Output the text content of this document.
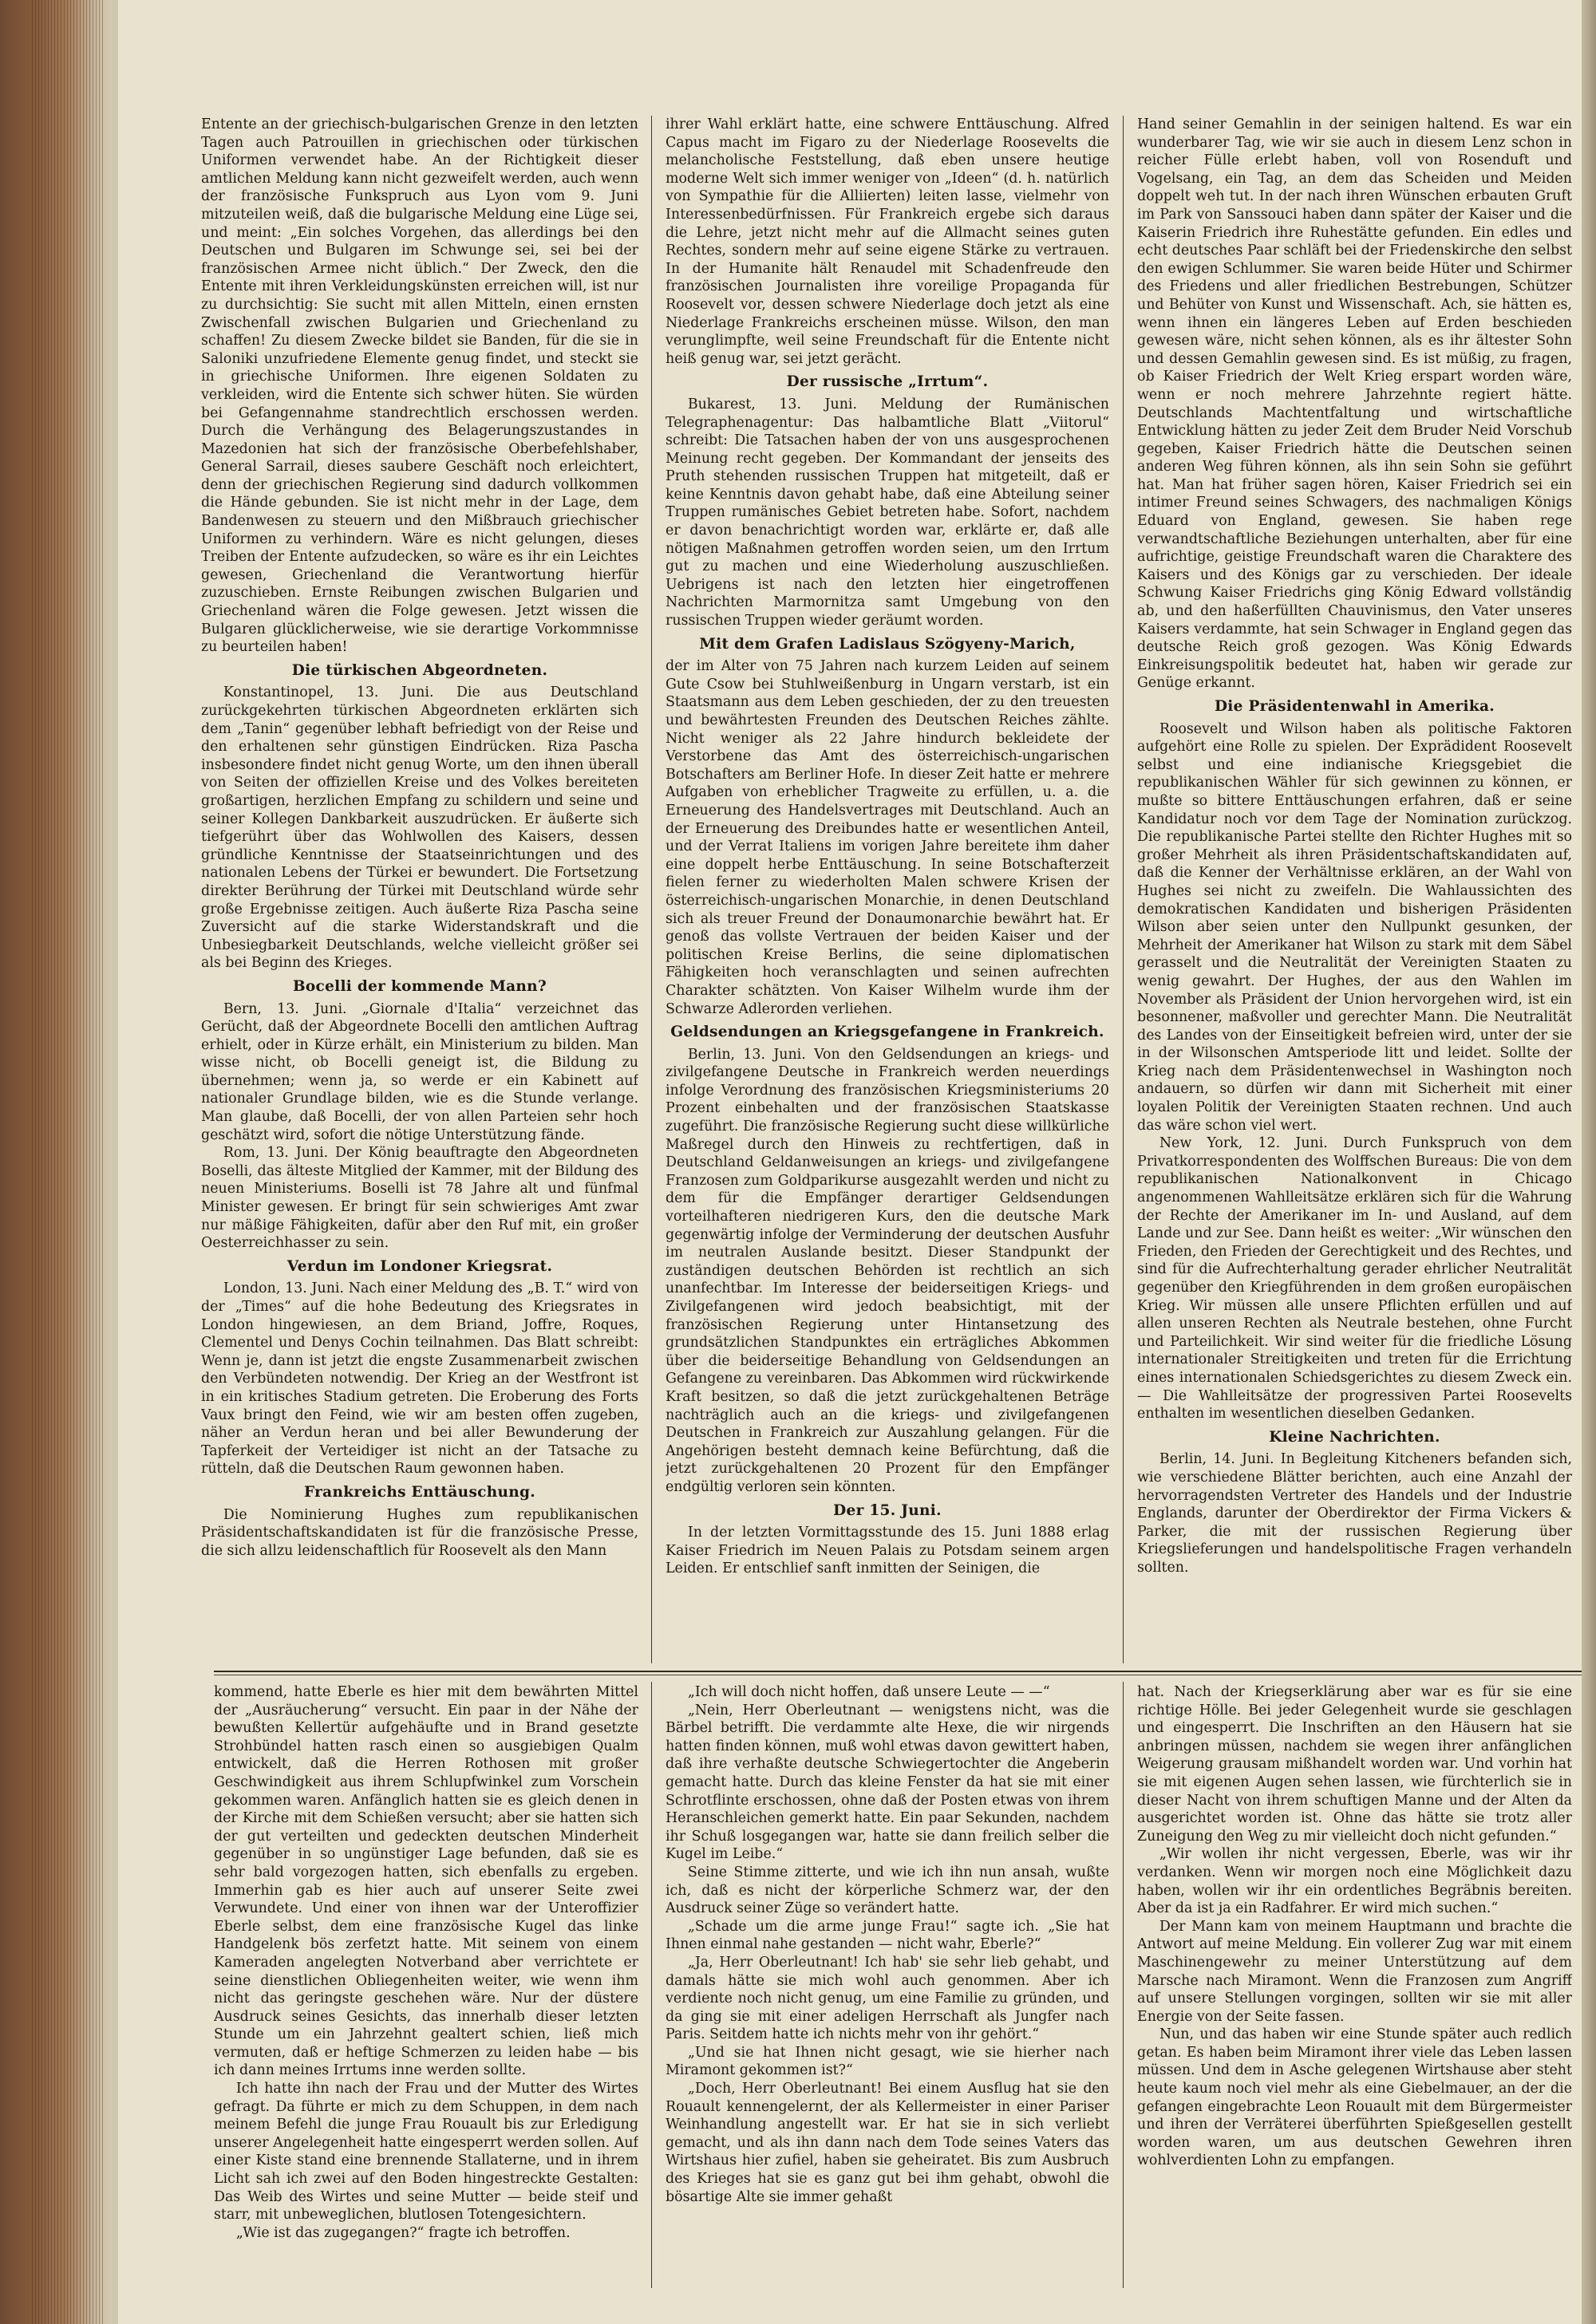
Entente an der griechisch-bulgarischen Grenze in den letzten Tagen auch Patrouillen in griechischen oder türkischen Uniformen verwendet habe. An der Richtigkeit dieser amtlichen Meldung kann nicht gezweifelt werden, auch wenn der französische Funkspruch aus Lyon vom 9. Juni mitzuteilen weiß, daß die bulgarische Meldung eine Lüge sei, und meint: „Ein solches Vorgehen, das allerdings bei den Deutschen und Bulgaren im Schwunge sei, sei bei der französischen Armee nicht üblich.“ Der Zweck, den die Entente mit ihren Verkleidungskünsten erreichen will, ist nur zu durchsichtig: Sie sucht mit allen Mitteln, einen ernsten Zwischenfall zwischen Bulgarien und Griechenland zu schaffen! Zu diesem Zwecke bildet sie Banden, für die sie in Saloniki unzufriedene Elemente genug findet, und steckt sie in griechische Uniformen. Ihre eigenen Soldaten zu verkleiden, wird die Entente sich schwer hüten. Sie würden bei Gefangennahme standrechtlich erschossen werden. Durch die Verhängung des Belagerungszustandes in Mazedonien hat sich der französische Oberbefehlshaber, General Sarrail, dieses saubere Geschäft noch erleichtert, denn der griechischen Regierung sind dadurch vollkommen die Hände gebunden. Sie ist nicht mehr in der Lage, dem Bandenwesen zu steuern und den Mißbrauch griechischer Uniformen zu verhindern. Wäre es nicht gelungen, dieses Treiben der Entente aufzudecken, so wäre es ihr ein Leichtes gewesen, Griechenland die Verantwortung hierfür zuzuschieben. Ernste Reibungen zwischen Bulgarien und Griechenland wären die Folge gewesen. Jetzt wissen die Bulgaren glücklicherweise, wie sie derartige Vorkommnisse zu beurteilen haben!

Die türkischen Abgeordneten.

Konstantinopel, 13. Juni. Die aus Deutschland zurückgekehrten türkischen Abgeordneten erklärten sich dem „Tanin“ gegenüber lebhaft befriedigt von der Reise und den erhaltenen sehr günstigen Eindrücken. Riza Pascha insbesondere findet nicht genug Worte, um den ihnen überall von Seiten der offiziellen Kreise und des Volkes bereiteten großartigen, herzlichen Empfang zu schildern und seine und seiner Kollegen Dankbarkeit auszudrücken. Er äußerte sich tiefgerührt über das Wohlwollen des Kaisers, dessen gründliche Kenntnisse der Staatseinrichtungen und des nationalen Lebens der Türkei er bewundert. Die Fortsetzung direkter Berührung der Türkei mit Deutschland würde sehr große Ergebnisse zeitigen. Auch äußerte Riza Pascha seine Zuversicht auf die starke Widerstandskraft und die Unbesiegbarkeit Deutschlands, welche vielleicht größer sei als bei Beginn des Krieges.

Bocelli der kommende Mann?

Bern, 13. Juni. „Giornale d'Italia“ verzeichnet das Gerücht, daß der Abgeordnete Bocelli den amtlichen Auftrag erhielt, oder in Kürze erhält, ein Ministerium zu bilden. Man wisse nicht, ob Bocelli geneigt ist, die Bildung zu übernehmen; wenn ja, so werde er ein Kabinett auf nationaler Grundlage bilden, wie es die Stunde verlange. Man glaube, daß Bocelli, der von allen Parteien sehr hoch geschätzt wird, sofort die nötige Unterstützung fände.

Rom, 13. Juni. Der König beauftragte den Abgeordneten Boselli, das älteste Mitglied der Kammer, mit der Bildung des neuen Ministeriums. Boselli ist 78 Jahre alt und fünfmal Minister gewesen. Er bringt für sein schwieriges Amt zwar nur mäßige Fähigkeiten, dafür aber den Ruf mit, ein großer Oesterreichhasser zu sein.

Verdun im Londoner Kriegsrat.

London, 13. Juni. Nach einer Meldung des „B. T.“ wird von der „Times“ auf die hohe Bedeutung des Kriegsrates in London hingewiesen, an dem Briand, Joffre, Roques, Clementel und Denys Cochin teilnahmen. Das Blatt schreibt: Wenn je, dann ist jetzt die engste Zusammenarbeit zwischen den Verbündeten notwendig. Der Krieg an der Westfront ist in ein kritisches Stadium getreten. Die Eroberung des Forts Vaux bringt den Feind, wie wir am besten offen zugeben, näher an Verdun heran und bei aller Bewunderung der Tapferkeit der Verteidiger ist nicht an der Tatsache zu rütteln, daß die Deutschen Raum gewonnen haben.

Frankreichs Enttäuschung.

Die Nominierung Hughes zum republikanischen Präsidentschaftskandidaten ist für die französische Presse, die sich allzu leidenschaftlich für Roosevelt als den Mann

ihrer Wahl erklärt hatte, eine schwere Enttäuschung. Alfred Capus macht im Figaro zu der Niederlage Roosevelts die melancholische Feststellung, daß eben unsere heutige moderne Welt sich immer weniger von „Ideen“ (d. h. natürlich von Sympathie für die Alliierten) leiten lasse, vielmehr von Interessenbedürfnissen. Für Frankreich ergebe sich daraus die Lehre, jetzt nicht mehr auf die Allmacht seines guten Rechtes, sondern mehr auf seine eigene Stärke zu vertrauen. In der Humanite hält Renaudel mit Schadenfreude den französischen Journalisten ihre voreilige Propaganda für Roosevelt vor, dessen schwere Niederlage doch jetzt als eine Niederlage Frankreichs erscheinen müsse. Wilson, den man verunglimpfte, weil seine Freundschaft für die Entente nicht heiß genug war, sei jetzt gerächt.

Der russische „Irrtum“.

Bukarest, 13. Juni. Meldung der Rumänischen Telegraphenagentur: Das halbamtliche Blatt „Viitorul“ schreibt: Die Tatsachen haben der von uns ausgesprochenen Meinung recht gegeben. Der Kommandant der jenseits des Pruth stehenden russischen Truppen hat mitgeteilt, daß er keine Kenntnis davon gehabt habe, daß eine Abteilung seiner Truppen rumänisches Gebiet betreten habe. Sofort, nachdem er davon benachrichtigt worden war, erklärte er, daß alle nötigen Maßnahmen getroffen worden seien, um den Irrtum gut zu machen und eine Wiederholung auszuschließen. Uebrigens ist nach den letzten hier eingetroffenen Nachrichten Marmornitza samt Umgebung von den russischen Truppen wieder geräumt worden.

Mit dem Grafen Ladislaus Szögyeny-Marich,

der im Alter von 75 Jahren nach kurzem Leiden auf seinem Gute Csow bei Stuhlweißenburg in Ungarn verstarb, ist ein Staatsmann aus dem Leben geschieden, der zu den treuesten und bewährtesten Freunden des Deutschen Reiches zählte. Nicht weniger als 22 Jahre hindurch bekleidete der Verstorbene das Amt des österreichisch-ungarischen Botschafters am Berliner Hofe. In dieser Zeit hatte er mehrere Aufgaben von erheblicher Tragweite zu erfüllen, u. a. die Erneuerung des Handelsvertrages mit Deutschland. Auch an der Erneuerung des Dreibundes hatte er wesentlichen Anteil, und der Verrat Italiens im vorigen Jahre bereitete ihm daher eine doppelt herbe Enttäuschung. In seine Botschafterzeit fielen ferner zu wiederholten Malen schwere Krisen der österreichisch-ungarischen Monarchie, in denen Deutschland sich als treuer Freund der Donaumonarchie bewährt hat. Er genoß das vollste Vertrauen der beiden Kaiser und der politischen Kreise Berlins, die seine diplomatischen Fähigkeiten hoch veranschlagten und seinen aufrechten Charakter schätzten. Von Kaiser Wilhelm wurde ihm der Schwarze Adlerorden verliehen.

Geldsendungen an Kriegsgefangene in Frankreich.

Berlin, 13. Juni. Von den Geldsendungen an kriegs- und zivilgefangene Deutsche in Frankreich werden neuerdings infolge Verordnung des französischen Kriegsministeriums 20 Prozent einbehalten und der französischen Staatskasse zugeführt. Die französische Regierung sucht diese willkürliche Maßregel durch den Hinweis zu rechtfertigen, daß in Deutschland Geldanweisungen an kriegs- und zivilgefangene Franzosen zum Goldparikurse ausgezahlt werden und nicht zu dem für die Empfänger derartiger Geldsendungen vorteilhafteren niedrigeren Kurs, den die deutsche Mark gegenwärtig infolge der Verminderung der deutschen Ausfuhr im neutralen Auslande besitzt. Dieser Standpunkt der zuständigen deutschen Behörden ist rechtlich an sich unanfechtbar. Im Interesse der beiderseitigen Kriegs- und Zivilgefangenen wird jedoch beabsichtigt, mit der französischen Regierung unter Hintansetzung des grundsätzlichen Standpunktes ein erträgliches Abkommen über die beiderseitige Behandlung von Geldsendungen an Gefangene zu vereinbaren. Das Abkommen wird rückwirkende Kraft besitzen, so daß die jetzt zurückgehaltenen Beträge nachträglich auch an die kriegs- und zivilgefangenen Deutschen in Frankreich zur Auszahlung gelangen. Für die Angehörigen besteht demnach keine Befürchtung, daß die jetzt zurückgehaltenen 20 Prozent für den Empfänger endgültig verloren sein könnten.

Der 15. Juni.

In der letzten Vormittagsstunde des 15. Juni 1888 erlag Kaiser Friedrich im Neuen Palais zu Potsdam seinem argen Leiden. Er entschlief sanft inmitten der Seinigen, die

Hand seiner Gemahlin in der seinigen haltend. Es war ein wunderbarer Tag, wie wir sie auch in diesem Lenz schon in reicher Fülle erlebt haben, voll von Rosenduft und Vogelsang, ein Tag, an dem das Scheiden und Meiden doppelt weh tut. In der nach ihren Wünschen erbauten Gruft im Park von Sanssouci haben dann später der Kaiser und die Kaiserin Friedrich ihre Ruhestätte gefunden. Ein edles und echt deutsches Paar schläft bei der Friedenskirche den selbst den ewigen Schlummer. Sie waren beide Hüter und Schirmer des Friedens und aller friedlichen Bestrebungen, Schützer und Behüter von Kunst und Wissenschaft. Ach, sie hätten es, wenn ihnen ein längeres Leben auf Erden beschieden gewesen wäre, nicht sehen können, als es ihr ältester Sohn und dessen Gemahlin gewesen sind. Es ist müßig, zu fragen, ob Kaiser Friedrich der Welt Krieg erspart worden wäre, wenn er noch mehrere Jahrzehnte regiert hätte. Deutschlands Machtentfaltung und wirtschaftliche Entwicklung hätten zu jeder Zeit dem Bruder Neid Vorschub gegeben, Kaiser Friedrich hätte die Deutschen seinen anderen Weg führen können, als ihn sein Sohn sie geführt hat. Man hat früher sagen hören, Kaiser Friedrich sei ein intimer Freund seines Schwagers, des nachmaligen Königs Eduard von England, gewesen. Sie haben rege verwandtschaftliche Beziehungen unterhalten, aber für eine aufrichtige, geistige Freundschaft waren die Charaktere des Kaisers und des Königs gar zu verschieden. Der ideale Schwung Kaiser Friedrichs ging König Edward vollständig ab, und den haßerfüllten Chauvinismus, den Vater unseres Kaisers verdammte, hat sein Schwager in England gegen das deutsche Reich groß gezogen. Was König Edwards Einkreisungspolitik bedeutet hat, haben wir gerade zur Genüge erkannt.

Die Präsidentenwahl in Amerika.

Roosevelt und Wilson haben als politische Faktoren aufgehört eine Rolle zu spielen. Der Exprädident Roosevelt selbst und eine indianische Kriegsgebiet die republikanischen Wähler für sich gewinnen zu können, er mußte so bittere Enttäuschungen erfahren, daß er seine Kandidatur noch vor dem Tage der Nomination zurückzog. Die republikanische Partei stellte den Richter Hughes mit so großer Mehrheit als ihren Präsidentschaftskandidaten auf, daß die Kenner der Verhältnisse erklären, an der Wahl von Hughes sei nicht zu zweifeln. Die Wahlaussichten des demokratischen Kandidaten und bisherigen Präsidenten Wilson aber seien unter den Nullpunkt gesunken, der Mehrheit der Amerikaner hat Wilson zu stark mit dem Säbel gerasselt und die Neutralität der Vereinigten Staaten zu wenig gewahrt. Der Hughes, der aus den Wahlen im November als Präsident der Union hervorgehen wird, ist ein besonnener, maßvoller und gerechter Mann. Die Neutralität des Landes von der Einseitigkeit befreien wird, unter der sie in der Wilsonschen Amtsperiode litt und leidet. Sollte der Krieg nach dem Präsidentenwechsel in Washington noch andauern, so dürfen wir dann mit Sicherheit mit einer loyalen Politik der Vereinigten Staaten rechnen. Und auch das wäre schon viel wert.

New York, 12. Juni. Durch Funkspruch von dem Privatkorrespondenten des Wolffschen Bureaus: Die von dem republikanischen Nationalkonvent in Chicago angenommenen Wahlleitsätze erklären sich für die Wahrung der Rechte der Amerikaner im In- und Ausland, auf dem Lande und zur See. Dann heißt es weiter: „Wir wünschen den Frieden, den Frieden der Gerechtigkeit und des Rechtes, und sind für die Aufrechterhaltung gerader ehrlicher Neutralität gegenüber den Kriegführenden in dem großen europäischen Krieg. Wir müssen alle unsere Pflichten erfüllen und auf allen unseren Rechten als Neutrale bestehen, ohne Furcht und Parteilichkeit. Wir sind weiter für die friedliche Lösung internationaler Streitigkeiten und treten für die Errichtung eines internationalen Schiedsgerichtes zu diesem Zweck ein. — Die Wahlleitsätze der progressiven Partei Roosevelts enthalten im wesentlichen dieselben Gedanken.

Kleine Nachrichten.

Berlin, 14. Juni. In Begleitung Kitcheners befanden sich, wie verschiedene Blätter berichten, auch eine Anzahl der hervorragendsten Vertreter des Handels und der Industrie Englands, darunter der Oberdirektor der Firma Vickers & Parker, die mit der russischen Regierung über Kriegslieferungen und handelspolitische Fragen verhandeln sollten.

kommend, hatte Eberle es hier mit dem bewährten Mittel der „Ausräucherung“ versucht. Ein paar in der Nähe der bewußten Kellertür aufgehäufte und in Brand gesetzte Strohbündel hatten rasch einen so ausgiebigen Qualm entwickelt, daß die Herren Rothosen mit großer Geschwindigkeit aus ihrem Schlupfwinkel zum Vorschein gekommen waren. Anfänglich hatten sie es gleich denen in der Kirche mit dem Schießen versucht; aber sie hatten sich der gut verteilten und gedeckten deutschen Minderheit gegenüber in so ungünstiger Lage befunden, daß sie es sehr bald vorgezogen hatten, sich ebenfalls zu ergeben. Immerhin gab es hier auch auf unserer Seite zwei Verwundete. Und einer von ihnen war der Unteroffizier Eberle selbst, dem eine französische Kugel das linke Handgelenk bös zerfetzt hatte. Mit seinem von einem Kameraden angelegten Notverband aber verrichtete er seine dienstlichen Obliegenheiten weiter, wie wenn ihm nicht das geringste geschehen wäre. Nur der düstere Ausdruck seines Gesichts, das innerhalb dieser letzten Stunde um ein Jahrzehnt gealtert schien, ließ mich vermuten, daß er heftige Schmerzen zu leiden habe — bis ich dann meines Irrtums inne werden sollte.

Ich hatte ihn nach der Frau und der Mutter des Wirtes gefragt. Da führte er mich zu dem Schuppen, in dem nach meinem Befehl die junge Frau Rouault bis zur Erledigung unserer Angelegenheit hatte eingesperrt werden sollen. Auf einer Kiste stand eine brennende Stallaterne, und in ihrem Licht sah ich zwei auf den Boden hingestreckte Gestalten: Das Weib des Wirtes und seine Mutter — beide steif und starr, mit unbeweglichen, blutlosen Totengesichtern.

„Wie ist das zugegangen?“ fragte ich betroffen.

„Ich will doch nicht hoffen, daß unsere Leute — —“

„Nein, Herr Oberleutnant — wenigstens nicht, was die Bärbel betrifft. Die verdammte alte Hexe, die wir nirgends hatten finden können, muß wohl etwas davon gewittert haben, daß ihre verhaßte deutsche Schwiegertochter die Angeberin gemacht hatte. Durch das kleine Fenster da hat sie mit einer Schrotflinte erschossen, ohne daß der Posten etwas von ihrem Heranschleichen gemerkt hatte. Ein paar Sekunden, nachdem ihr Schuß losgegangen war, hatte sie dann freilich selber die Kugel im Leibe.“

Seine Stimme zitterte, und wie ich ihn nun ansah, wußte ich, daß es nicht der körperliche Schmerz war, der den Ausdruck seiner Züge so verändert hatte.

„Schade um die arme junge Frau!“ sagte ich. „Sie hat Ihnen einmal nahe gestanden — nicht wahr, Eberle?“

„Ja, Herr Oberleutnant! Ich hab' sie sehr lieb gehabt, und damals hätte sie mich wohl auch genommen. Aber ich verdiente noch nicht genug, um eine Familie zu gründen, und da ging sie mit einer adeligen Herrschaft als Jungfer nach Paris. Seitdem hatte ich nichts mehr von ihr gehört.“

„Und sie hat Ihnen nicht gesagt, wie sie hierher nach Miramont gekommen ist?“

„Doch, Herr Oberleutnant! Bei einem Ausflug hat sie den Rouault kennengelernt, der als Kellermeister in einer Pariser Weinhandlung angestellt war. Er hat sie in sich verliebt gemacht, und als ihn dann nach dem Tode seines Vaters das Wirtshaus hier zufiel, haben sie geheiratet. Bis zum Ausbruch des Krieges hat sie es ganz gut bei ihm gehabt, obwohl die bösartige Alte sie immer gehaßt

hat. Nach der Kriegserklärung aber war es für sie eine richtige Hölle. Bei jeder Gelegenheit wurde sie geschlagen und eingesperrt. Die Inschriften an den Häusern hat sie anbringen müssen, nachdem sie wegen ihrer anfänglichen Weigerung grausam mißhandelt worden war. Und vorhin hat sie mit eigenen Augen sehen lassen, wie fürchterlich sie in dieser Nacht von ihrem schuftigen Manne und der Alten da ausgerichtet worden ist. Ohne das hätte sie trotz aller Zuneigung den Weg zu mir vielleicht doch nicht gefunden.“

„Wir wollen ihr nicht vergessen, Eberle, was wir ihr verdanken. Wenn wir morgen noch eine Möglichkeit dazu haben, wollen wir ihr ein ordentliches Begräbnis bereiten. Aber da ist ja ein Radfahrer. Er wird mich suchen.“

Der Mann kam von meinem Hauptmann und brachte die Antwort auf meine Meldung. Ein vollerer Zug war mit einem Maschinengewehr zu meiner Unterstützung auf dem Marsche nach Miramont. Wenn die Franzosen zum Angriff auf unsere Stellungen vorgingen, sollten wir sie mit aller Energie von der Seite fassen.

Nun, und das haben wir eine Stunde später auch redlich getan. Es haben beim Miramont ihrer viele das Leben lassen müssen. Und dem in Asche gelegenen Wirtshause aber steht heute kaum noch viel mehr als eine Giebelmauer, an der die gefangen eingebrachte Leon Rouault mit dem Bürgermeister und ihren der Verräterei überführten Spießgesellen gestellt worden waren, um aus deutschen Gewehren ihren wohlverdienten Lohn zu empfangen.
